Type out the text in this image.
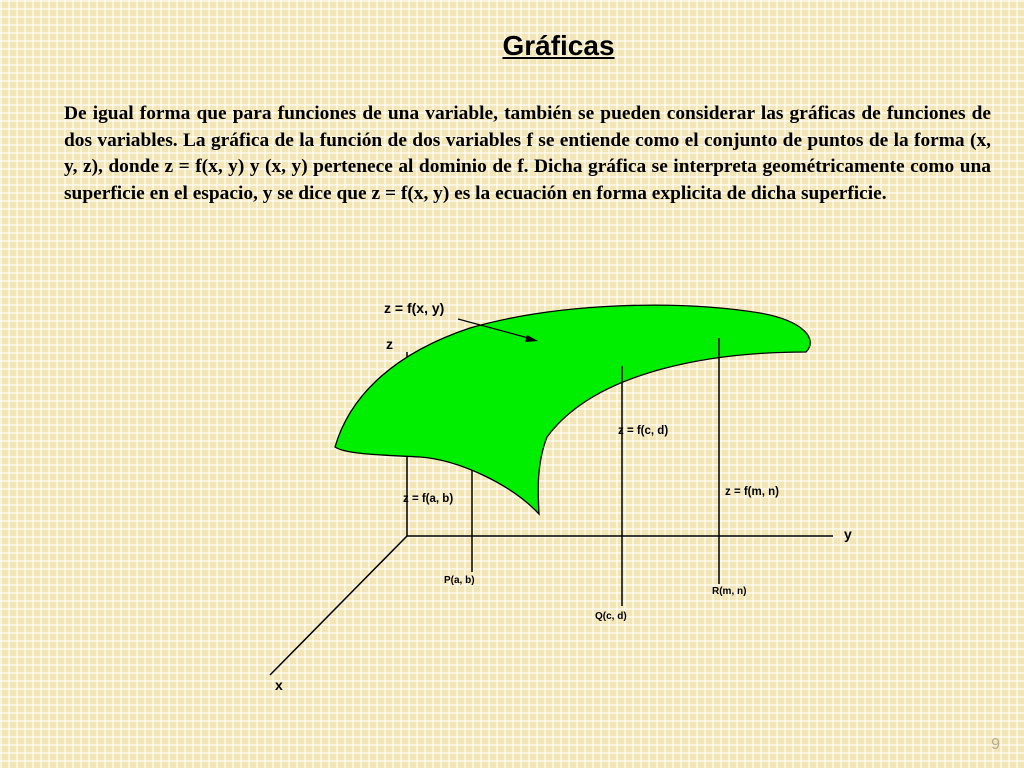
Gráficas
De igual forma que para funciones de una variable, también se pueden considerar las gráficas de funciones de dos variables. La gráfica de la función de dos variables f se entiende como el conjunto de puntos de la forma (x, y, z), donde z = f(x, y) y (x, y) pertenece al dominio de f. Dicha gráfica se interpreta geométricamente como una superficie en el espacio, y se dice que z = f(x, y) es la ecuación en forma explicita de dicha superficie.
z = f(x, y)
z
y
x
z = f(a, b)
z = f(c, d)
z = f(m, n)
P(a, b)
Q(c, d)
R(m, n)
9
